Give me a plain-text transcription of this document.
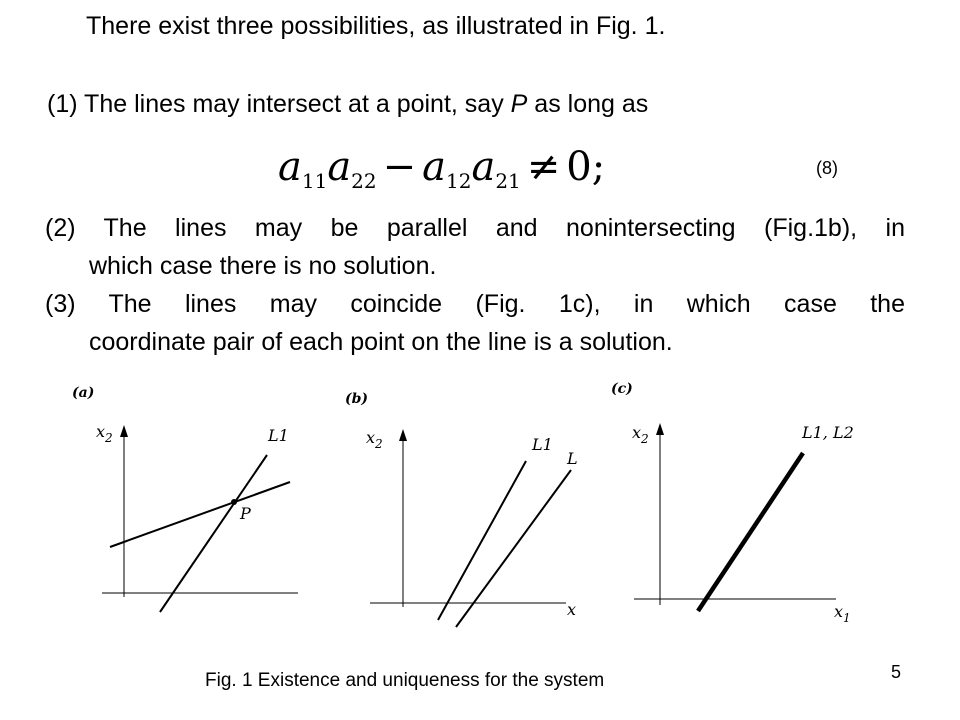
There exist three possibilities, as illustrated in Fig. 1.
(1) The lines may intersect at a point, say P as long as
$a_{11}a_{22} - a_{12}a_{21} \ne 0$;	(8)
(2) The lines may be parallel and nonintersecting (Fig.1b), in
which case there is no solution.
(3) The lines may coincide (Fig. 1c), in which case the
coordinate pair of each point on the line is a solution.
(a)
$x_2$	L1
P
(b)
$x_2$	L1
L
x
(c)
$x_2$	L1, L2
$x_1$
Fig. 1 Existence and uniqueness for the system	5
